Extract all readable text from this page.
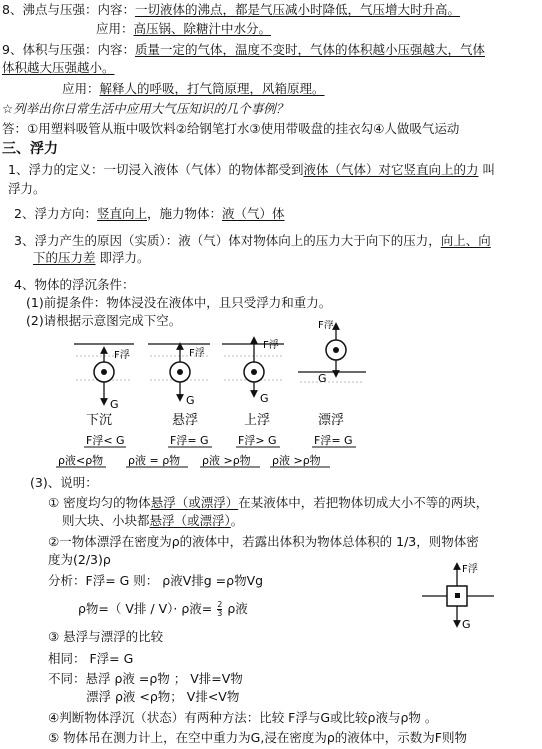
8、沸点与压强：内容：一切液体的沸点，都是气压减小时降低，气压增大时升高。
应用：高压锅、除糖汁中水分。
9、体积与压强：内容：质量一定的气体，温度不变时，气体的体积越小压强越大，气体
体积越大压强越小。
应用：解释人的呼吸，打气筒原理，风箱原理。
☆列举出你日常生活中应用大气压知识的几个事例？
答：①用塑料吸管从瓶中吸饮料②给钢笔打水③使用带吸盘的挂衣勾④人做吸气运动
三、浮力
1、浮力的定义：一切浸入液体（气体）的物体都受到液体（气体）对它竖直向上的力 叫
浮力。
2、浮力方向：竖直向上，施力物体：液（气）体
3、浮力产生的原因（实质）：液（气）体对物体向上的压力大于向下的压力，向上、向
下的压力差 即浮力。
4、物体的浮沉条件：
(1)前提条件：物体浸没在液体中，且只受浮力和重力。
(2)请根据示意图完成下空。
F浮
G
F浮
G
F浮
G
F浮
G
下沉	悬浮	上浮	漂浮
F浮< G	F浮= G	F浮> G	F浮= G
ρ液<ρ物 ρ液 = ρ物 ρ液 >ρ物 ρ液 >ρ物
(3)、说明：
① 密度均匀的物体悬浮（或漂浮）在某液体中，若把物体切成大小不等的两块，
则大块、小块都悬浮（或漂浮）。
②一物体漂浮在密度为ρ的液体中，若露出体积为物体总体积的 1/3，则物体密
度为(2/3)ρ
分析：F浮= G 则： ρ液V排g =ρ物Vg
ρ物=（ V排 / V）· ρ液= $\frac{2}{3}$ ρ液
F浮
G
③ 悬浮与漂浮的比较
相同： F浮= G
不同：悬浮 ρ液 =ρ物 ； V排=V物
漂浮 ρ液 <ρ物； V排<V物
④判断物体浮沉（状态）有两种方法：比较 F浮与G或比较ρ液与ρ物 。
⑤ 物体吊在测力计上，在空中重力为G,浸在密度为ρ的液体中，示数为F则物
